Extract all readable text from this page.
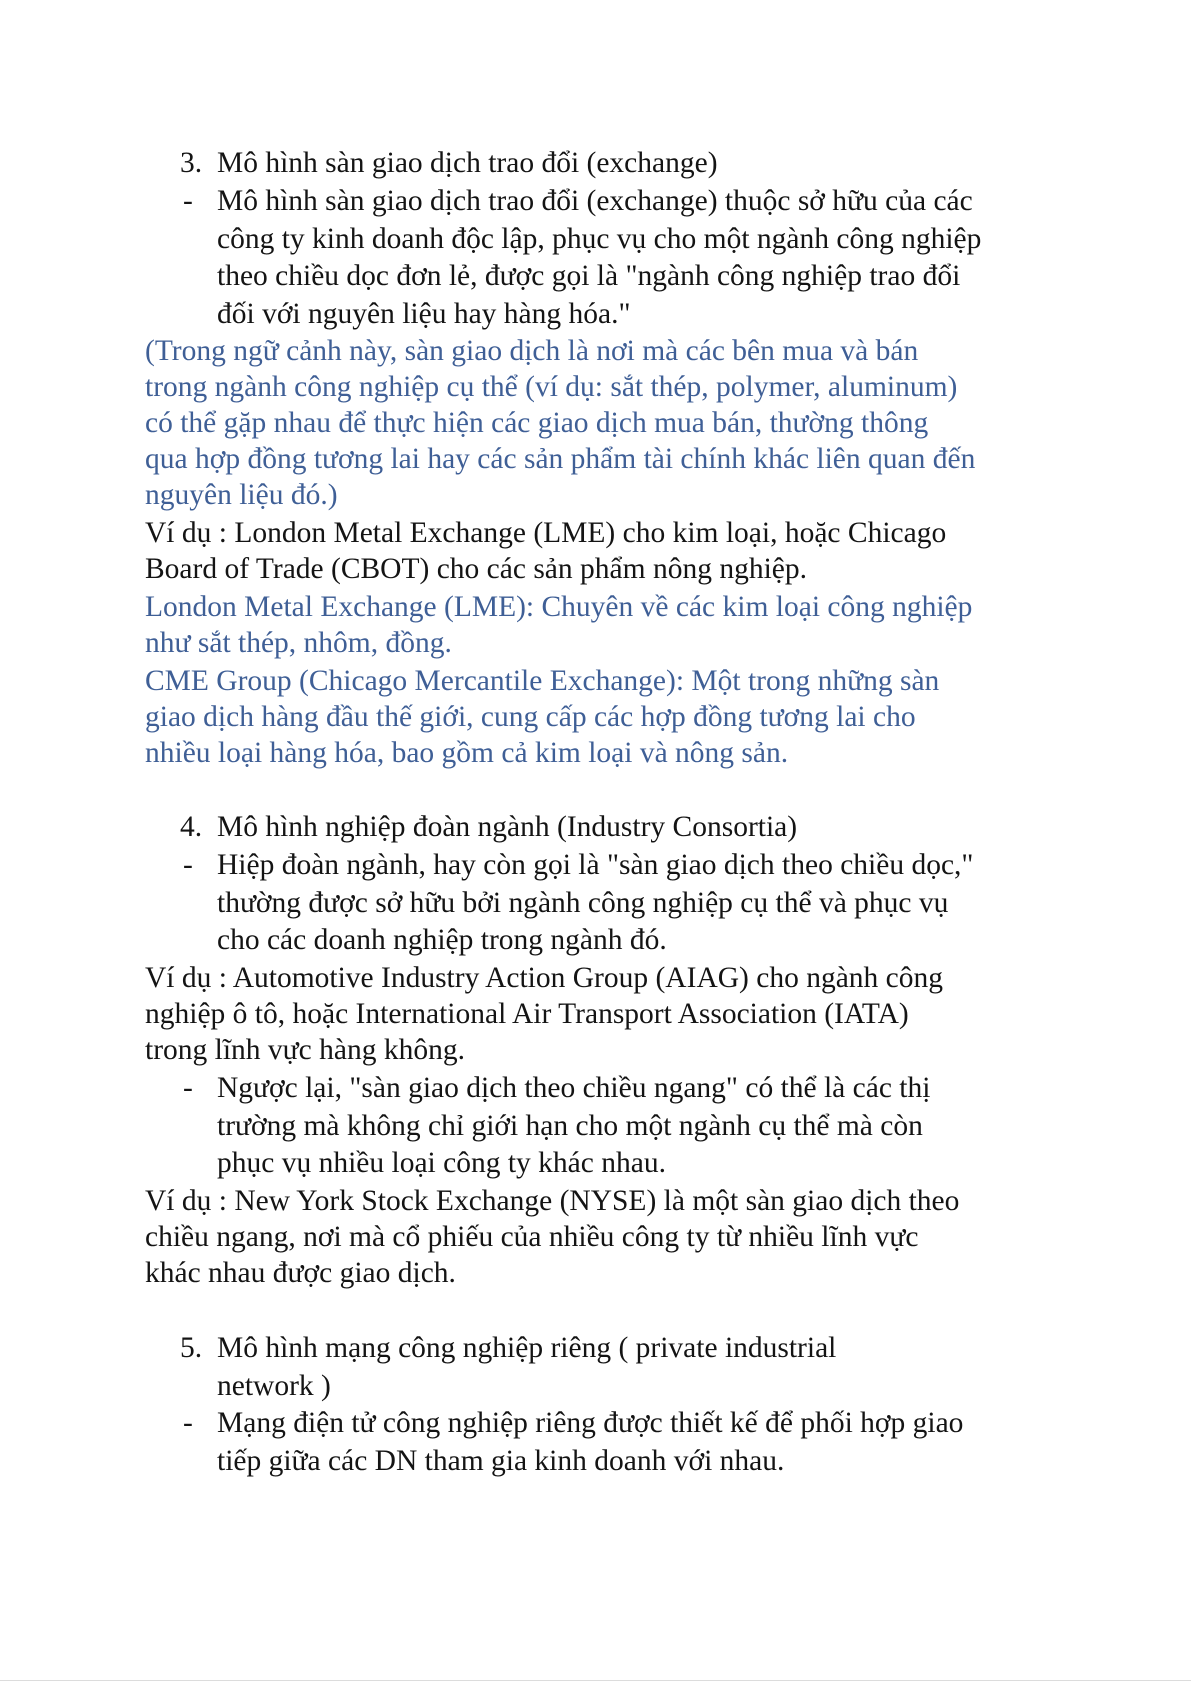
3. Mô hình sàn giao dịch trao đổi (exchange)
- Mô hình sàn giao dịch trao đổi (exchange) thuộc sở hữu của các
công ty kinh doanh độc lập, phục vụ cho một ngành công nghiệp
theo chiều dọc đơn lẻ, được gọi là "ngành công nghiệp trao đổi
đối với nguyên liệu hay hàng hóa."
(Trong ngữ cảnh này, sàn giao dịch là nơi mà các bên mua và bán
trong ngành công nghiệp cụ thể (ví dụ: sắt thép, polymer, aluminum)
có thể gặp nhau để thực hiện các giao dịch mua bán, thường thông
qua hợp đồng tương lai hay các sản phẩm tài chính khác liên quan đến
nguyên liệu đó.)
Ví dụ : London Metal Exchange (LME) cho kim loại, hoặc Chicago
Board of Trade (CBOT) cho các sản phẩm nông nghiệp.
London Metal Exchange (LME): Chuyên về các kim loại công nghiệp
như sắt thép, nhôm, đồng.
CME Group (Chicago Mercantile Exchange): Một trong những sàn
giao dịch hàng đầu thế giới, cung cấp các hợp đồng tương lai cho
nhiều loại hàng hóa, bao gồm cả kim loại và nông sản.
4. Mô hình nghiệp đoàn ngành (Industry Consortia)
- Hiệp đoàn ngành, hay còn gọi là "sàn giao dịch theo chiều dọc,"
thường được sở hữu bởi ngành công nghiệp cụ thể và phục vụ
cho các doanh nghiệp trong ngành đó.
Ví dụ : Automotive Industry Action Group (AIAG) cho ngành công
nghiệp ô tô, hoặc International Air Transport Association (IATA)
trong lĩnh vực hàng không.
- Ngược lại, "sàn giao dịch theo chiều ngang" có thể là các thị
trường mà không chỉ giới hạn cho một ngành cụ thể mà còn
phục vụ nhiều loại công ty khác nhau.
Ví dụ : New York Stock Exchange (NYSE) là một sàn giao dịch theo
chiều ngang, nơi mà cổ phiếu của nhiều công ty từ nhiều lĩnh vực
khác nhau được giao dịch.
5. Mô hình mạng công nghiệp riêng ( private industrial
network )
- Mạng điện tử công nghiệp riêng được thiết kế để phối hợp giao
tiếp giữa các DN tham gia kinh doanh với nhau.
